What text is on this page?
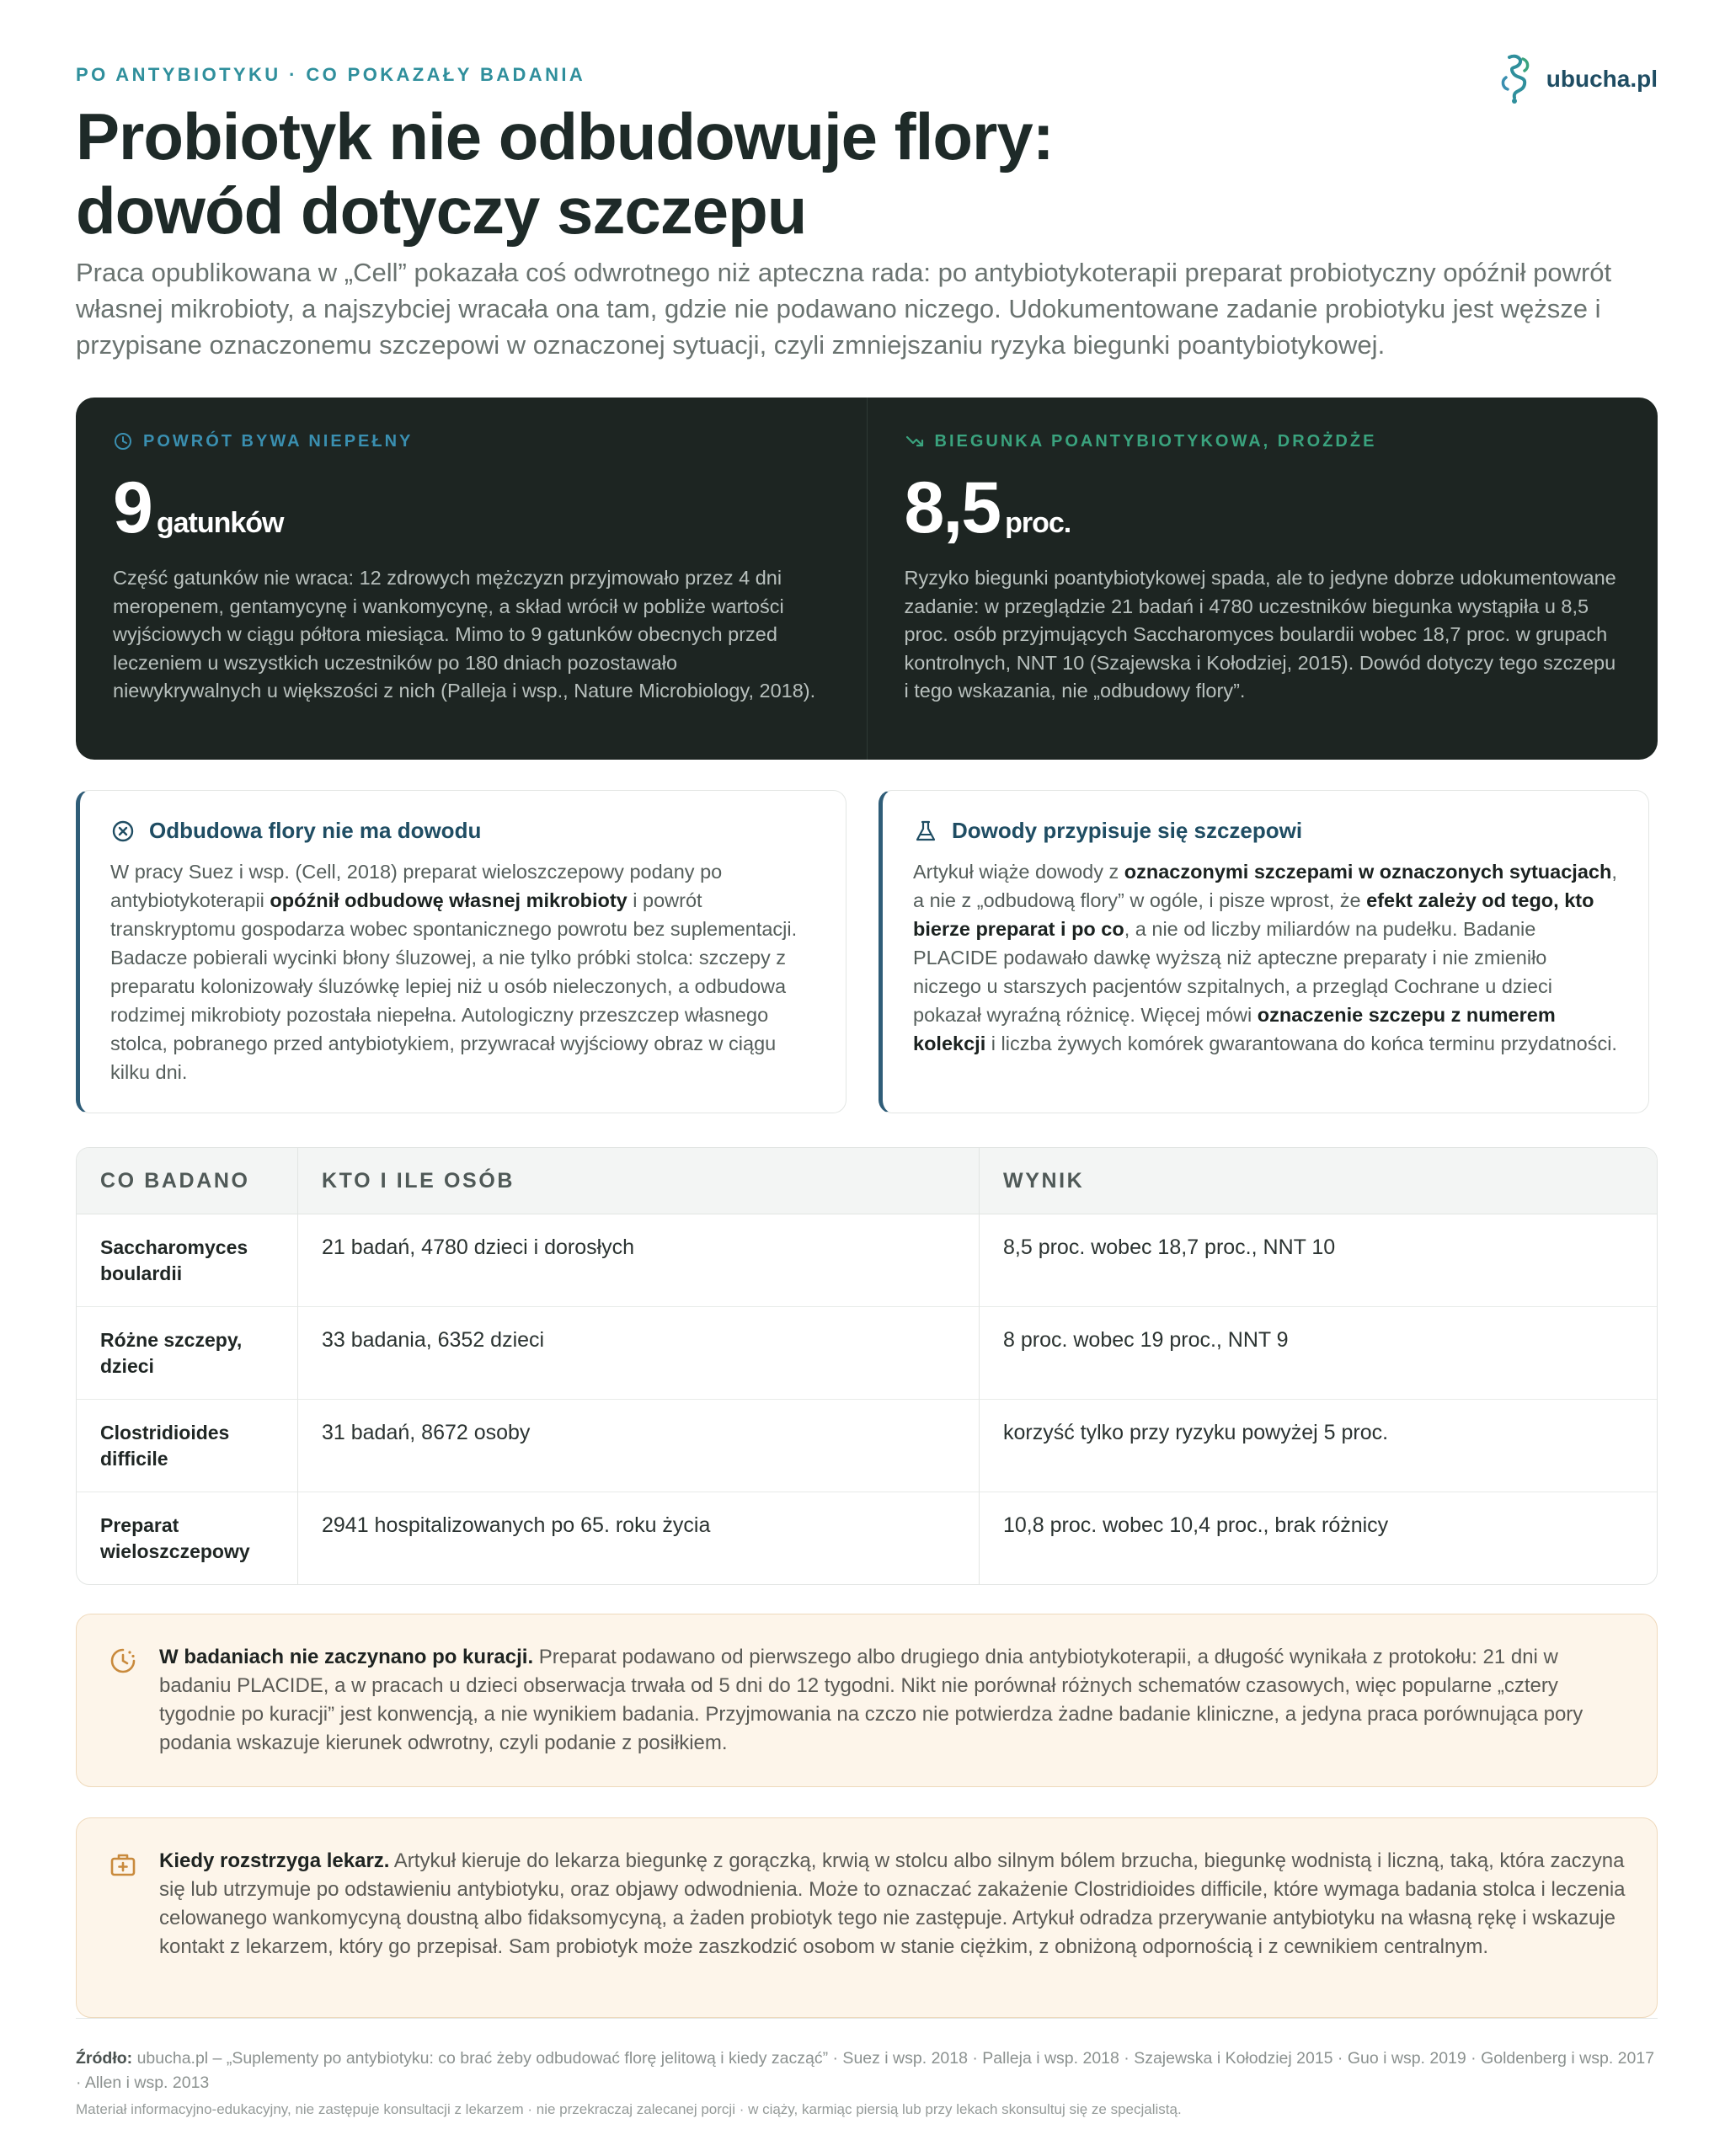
PO ANTYBIOTYKU · CO POKAZAŁY BADANIA	ubucha.pl
Probiotyk nie odbudowuje flory:
dowód dotyczy szczepu

Praca opublikowana w „Cell” pokazała coś odwrotnego niż apteczna rada: po antybiotykoterapii preparat probiotyczny opóźnił powrót własnej mikrobioty, a najszybciej wracała ona tam, gdzie nie podawano niczego. Udokumentowane zadanie probiotyku jest węższe i przypisane oznaczonemu szczepowi w oznaczonej sytuacji, czyli zmniejszaniu ryzyka biegunki poantybiotykowej.

POWRÓT BYWA NIEPEŁNY
9 gatunków
Część gatunków nie wraca: 12 zdrowych mężczyzn przyjmowało przez 4 dni meropenem, gentamycynę i wankomycynę, a skład wrócił w pobliże wartości wyjściowych w ciągu półtora miesiąca. Mimo to 9 gatunków obecnych przed leczeniem u wszystkich uczestników po 180 dniach pozostawało niewykrywalnych u większości z nich (Palleja i wsp., Nature Microbiology, 2018).
BIEGUNKA POANTYBIOTYKOWA, DROŻDŻE
8,5 proc.
Ryzyko biegunki poantybiotykowej spada, ale to jedyne dobrze udokumentowane zadanie: w przeglądzie 21 badań i 4780 uczestników biegunka wystąpiła u 8,5 proc. osób przyjmujących Saccharomyces boulardii wobec 18,7 proc. w grupach kontrolnych, NNT 10 (Szajewska i Kołodziej, 2015). Dowód dotyczy tego szczepu i tego wskazania, nie „odbudowy flory”.
Odbudowa flory nie ma dowodu
W pracy Suez i wsp. (Cell, 2018) preparat wieloszczepowy podany po antybiotykoterapii opóźnił odbudowę własnej mikrobioty i powrót transkryptomu gospodarza wobec spontanicznego powrotu bez suplementacji. Badacze pobierali wycinki błony śluzowej, a nie tylko próbki stolca: szczepy z preparatu kolonizowały śluzówkę lepiej niż u osób nieleczonych, a odbudowa rodzimej mikrobioty pozostała niepełna. Autologiczny przeszczep własnego stolca, pobranego przed antybiotykiem, przywracał wyjściowy obraz w ciągu kilku dni.
Dowody przypisuje się szczepowi
Artykuł wiąże dowody z oznaczonymi szczepami w oznaczonych sytuacjach, a nie z „odbudową flory” w ogóle, i pisze wprost, że efekt zależy od tego, kto bierze preparat i po co, a nie od liczby miliardów na pudełku. Badanie PLACIDE podawało dawkę wyższą niż apteczne preparaty i nie zmieniło niczego u starszych pacjentów szpitalnych, a przegląd Cochrane u dzieci pokazał wyraźną różnicę. Więcej mówi oznaczenie szczepu z numerem kolekcji i liczba żywych komórek gwarantowana do końca terminu przydatności.
CO BADANO	KTO I ILE OSÓB	WYNIK
Saccharomyces boulardii	21 badań, 4780 dzieci i dorosłych	8,5 proc. wobec 18,7 proc., NNT 10
Różne szczepy, dzieci	33 badania, 6352 dzieci	8 proc. wobec 19 proc., NNT 9
Clostridioides difficile	31 badań, 8672 osoby	korzyść tylko przy ryzyku powyżej 5 proc.
Preparat wieloszczepowy	2941 hospitalizowanych po 65. roku życia	10,8 proc. wobec 10,4 proc., brak różnicy
W badaniach nie zaczynano po kuracji. Preparat podawano od pierwszego albo drugiego dnia antybiotykoterapii, a długość wynikała z protokołu: 21 dni w badaniu PLACIDE, a w pracach u dzieci obserwacja trwała od 5 dni do 12 tygodni. Nikt nie porównał różnych schematów czasowych, więc popularne „cztery tygodnie po kuracji” jest konwencją, a nie wynikiem badania. Przyjmowania na czczo nie potwierdza żadne badanie kliniczne, a jedyna praca porównująca pory podania wskazuje kierunek odwrotny, czyli podanie z posiłkiem.
Kiedy rozstrzyga lekarz. Artykuł kieruje do lekarza biegunkę z gorączką, krwią w stolcu albo silnym bólem brzucha, biegunkę wodnistą i liczną, taką, która zaczyna się lub utrzymuje po odstawieniu antybiotyku, oraz objawy odwodnienia. Może to oznaczać zakażenie Clostridioides difficile, które wymaga badania stolca i leczenia celowanego wankomycyną doustną albo fidaksomycyną, a żaden probiotyk tego nie zastępuje. Artykuł odradza przerywanie antybiotyku na własną rękę i wskazuje kontakt z lekarzem, który go przepisał. Sam probiotyk może zaszkodzić osobom w stanie ciężkim, z obniżoną odpornością i z cewnikiem centralnym.
Źródło: ubucha.pl – „Suplementy po antybiotyku: co brać żeby odbudować florę jelitową i kiedy zacząć” · Suez i wsp. 2018 · Palleja i wsp. 2018 · Szajewska i Kołodziej 2015 · Guo i wsp. 2019 · Goldenberg i wsp. 2017 · Allen i wsp. 2013
Materiał informacyjno-edukacyjny, nie zastępuje konsultacji z lekarzem · nie przekraczaj zalecanej porcji · w ciąży, karmiąc piersią lub przy lekach skonsultuj się ze specjalistą.
